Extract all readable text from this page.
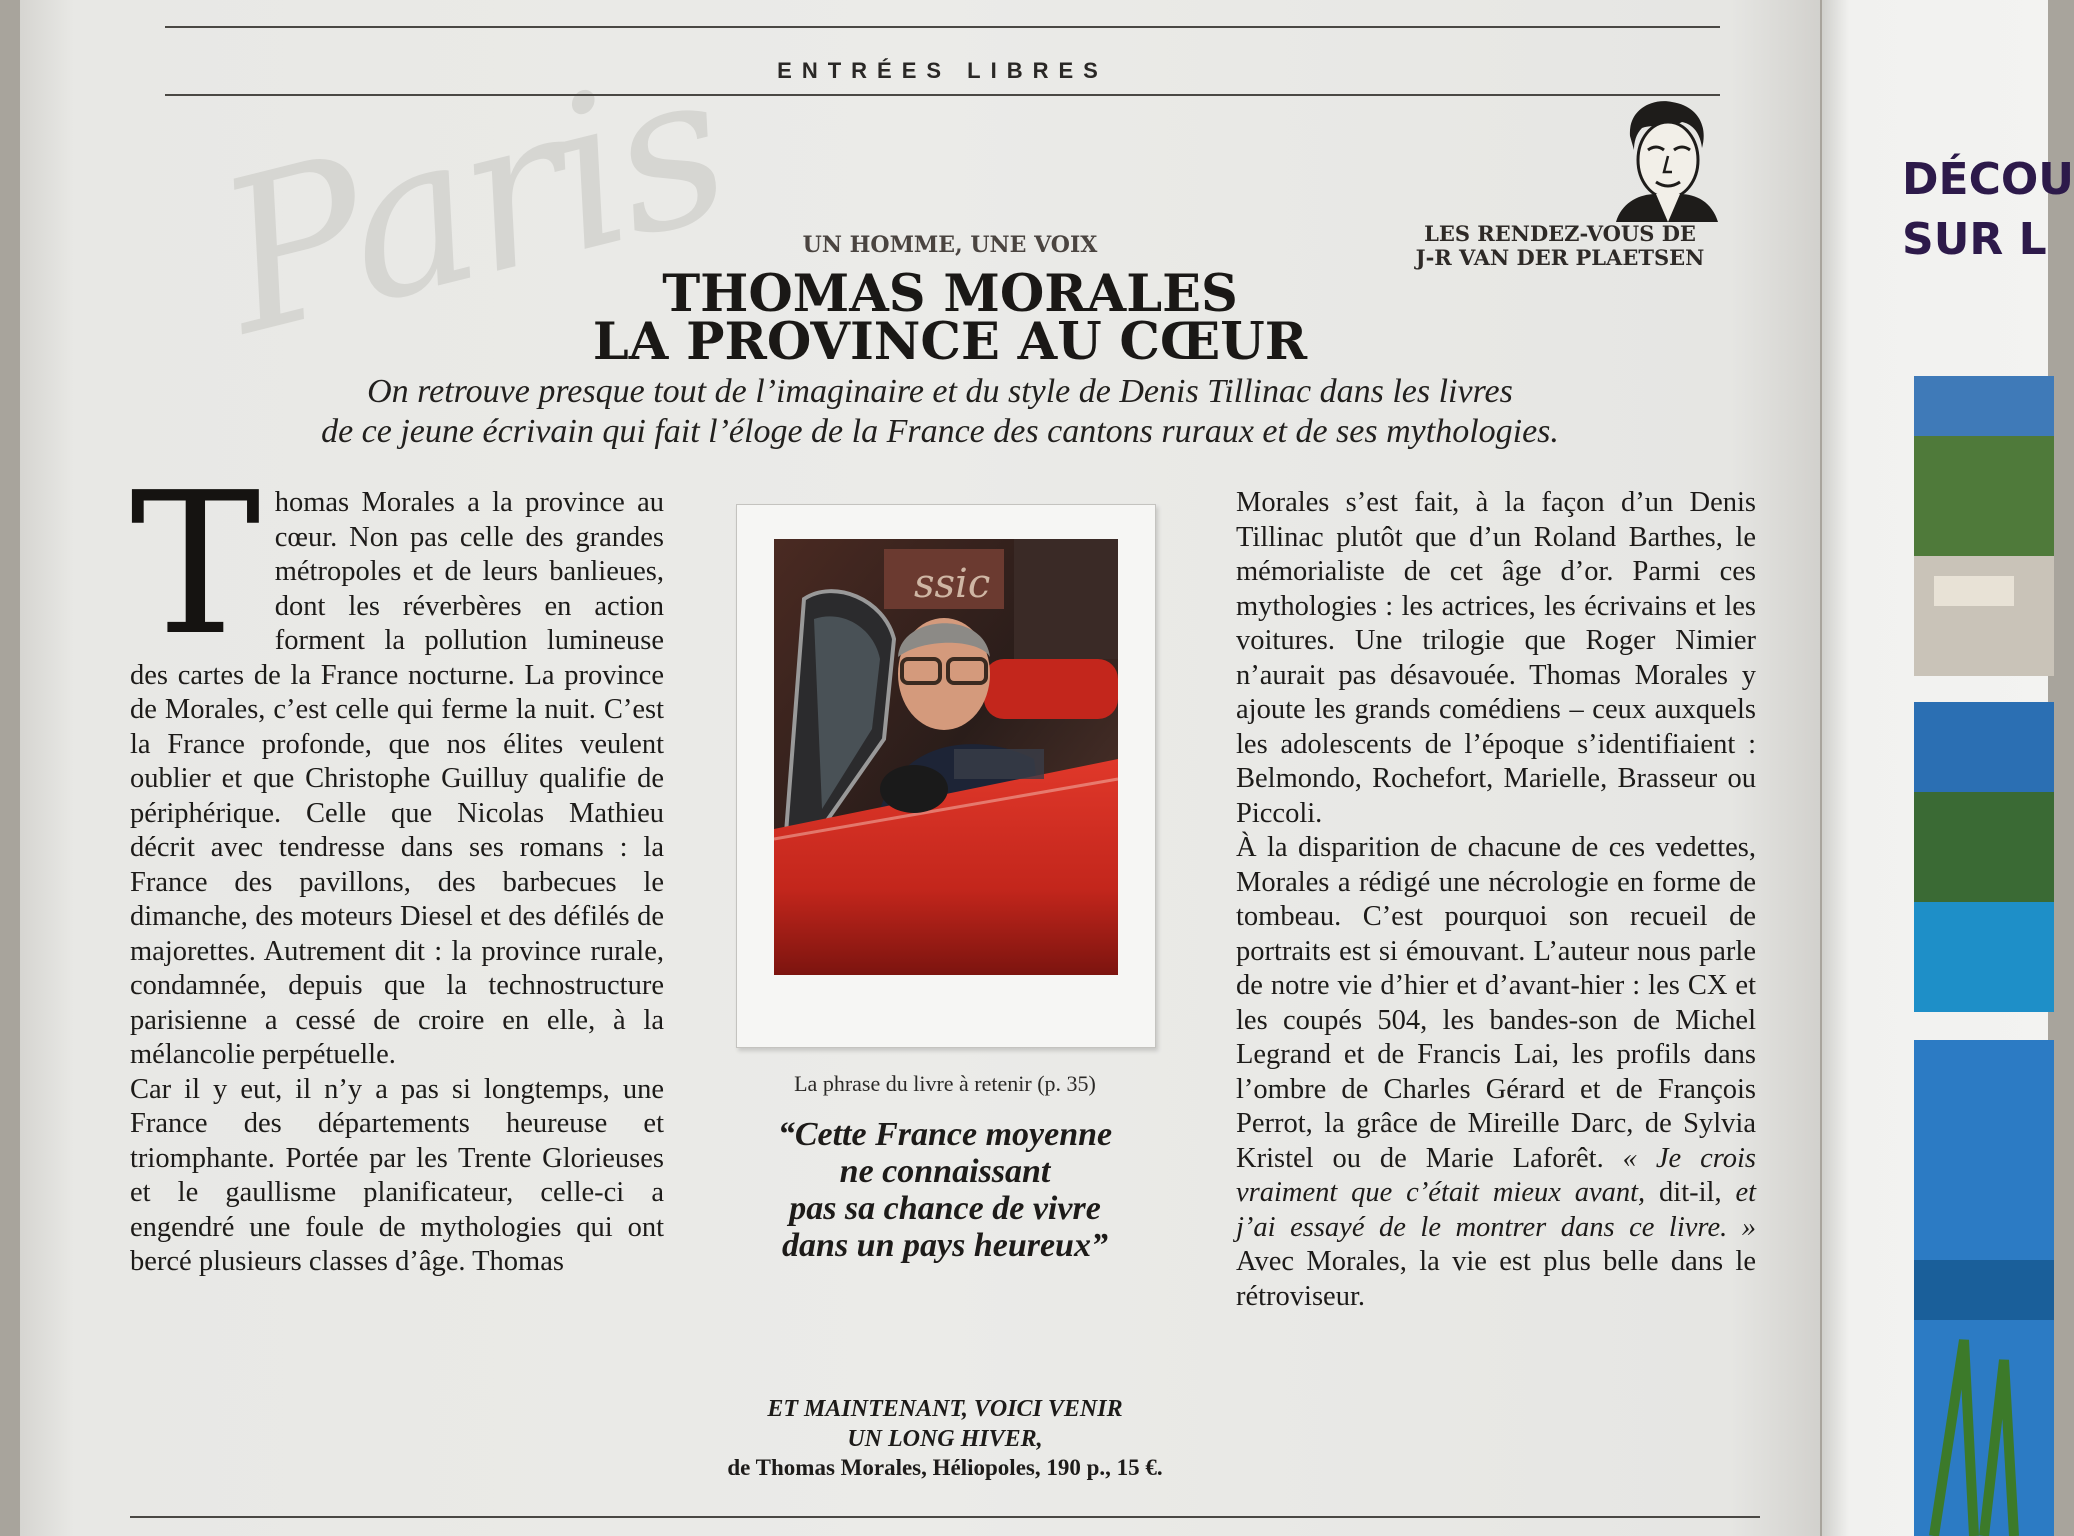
Paris	ENTRÉES LIBRES
UN HOMME, UNE VOIX
THOMAS MORALES
LA PROVINCE AU CŒUR
LES RENDEZ-VOUS DE
J-R VAN DER PLAETSEN
On retrouve presque tout de l’imaginaire et du style de Denis Tillinac dans les livres
de ce jeune écrivain qui fait l’éloge de la France des cantons ruraux et de ses mythologies.

Thomas Morales a la province au cœur. Non pas celle des grandes métropoles et de leurs banlieues, dont les réverbères en action forment la pollution lumineuse des cartes de la France nocturne. La province de Morales, c’est celle qui ferme la nuit. C’est la France profonde, que nos élites veulent oublier et que Christophe Guilluy qualifie de périphérique. Celle que Nicolas Mathieu décrit avec tendresse dans ses romans : la France des pavillons, des barbecues le dimanche, des moteurs Diesel et des défilés de majorettes. Autrement dit : la province rurale, condamnée, depuis que la technostructure parisienne a cessé de croire en elle, à la mélancolie perpétuelle.

Car il y eut, il n’y a pas si longtemps, une France des départements heureuse et triomphante. Portée par les Trente Glorieuses et le gaullisme planificateur, celle-ci a engendré une foule de mythologies qui ont bercé plusieurs classes d’âge. Thomas

ssic
La phrase du livre à retenir (p. 35)
“Cette France moyenne
ne connaissant
pas sa chance de vivre
dans un pays heureux”
ET MAINTENANT, VOICI VENIR
UN LONG HIVER,
de Thomas Morales, Héliopoles, 190 p., 15 €.

Morales s’est fait, à la façon d’un Denis Tillinac plutôt que d’un Roland Barthes, le mémorialiste de cet âge d’or. Parmi ces mythologies : les actrices, les écrivains et les voitures. Une trilogie que Roger Nimier n’aurait pas désavouée. Thomas Morales y ajoute les grands comédiens – ceux auxquels les adolescents de l’époque s’identifiaient : Belmondo, Rochefort, Marielle, Brasseur ou Piccoli.

À la disparition de chacune de ces vedettes, Morales a rédigé une nécrologie en forme de tombeau. C’est pourquoi son recueil de portraits est si émouvant. L’auteur nous parle de notre vie d’hier et d’avant-hier : les CX et les coupés 504, les bandes-son de Michel Legrand et de Francis Lai, les profils dans l’ombre de Charles Gérard et de François Perrot, la grâce de Mireille Darc, de Sylvia Kristel ou de Marie Laforêt. « Je crois vraiment que c’était mieux avant, dit-il, et j’ai essayé de le montrer dans ce livre. » Avec Morales, la vie est plus belle dans le rétroviseur.

DÉCOU
SUR L
